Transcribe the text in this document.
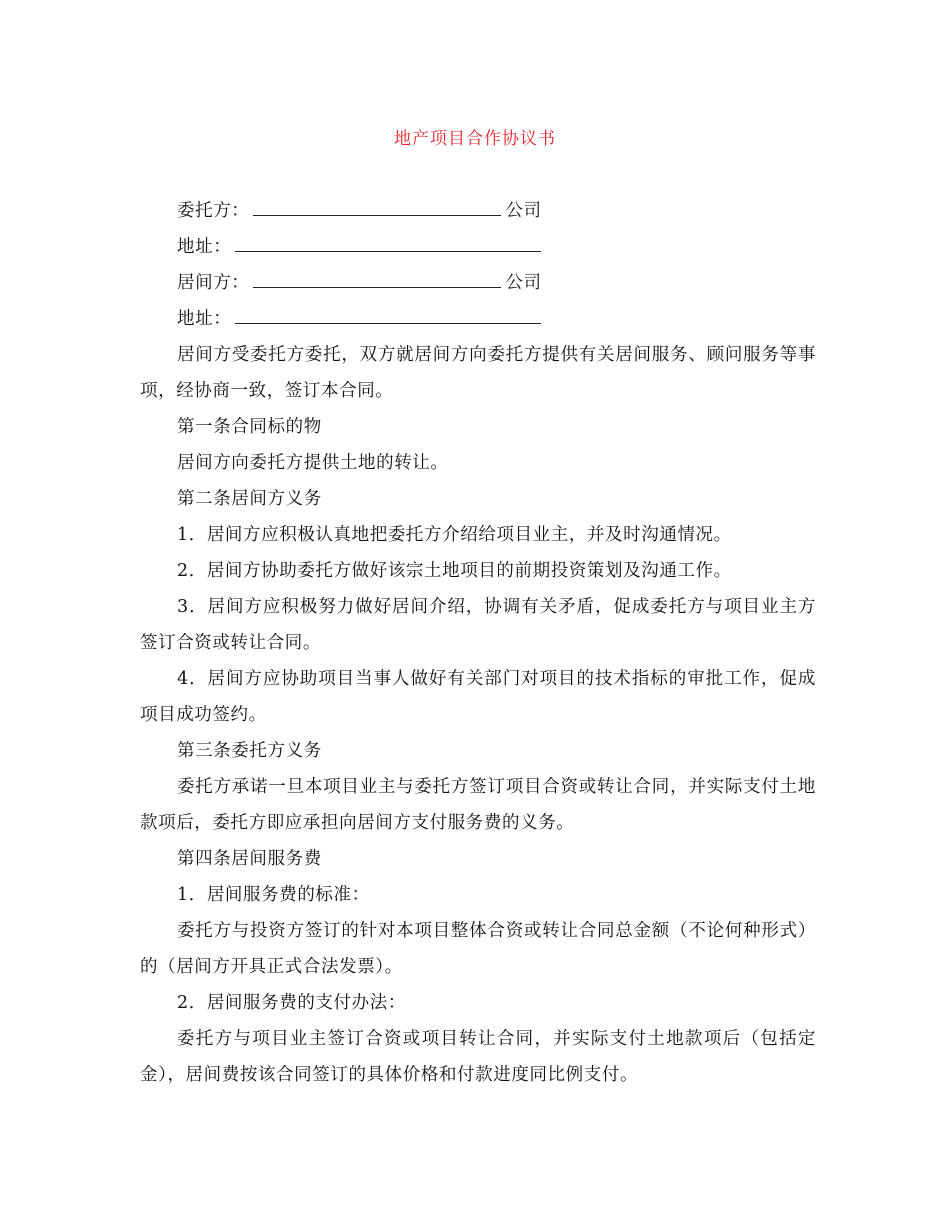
地产项目合作协议书

委托方：	公司

地址：

居间方：	公司

地址：

居间方受委托方委托，双方就居间方向委托方提供有关居间服务、顾问服务等事项，经协商一致，签订本合同。

第一条合同标的物

居间方向委托方提供土地的转让。

第二条居间方义务

1．居间方应积极认真地把委托方介绍给项目业主，并及时沟通情况。

2．居间方协助委托方做好该宗土地项目的前期投资策划及沟通工作。

3．居间方应积极努力做好居间介绍，协调有关矛盾，促成委托方与项目业主方签订合资或转让合同。

4．居间方应协助项目当事人做好有关部门对项目的技术指标的审批工作，促成项目成功签约。

第三条委托方义务

委托方承诺一旦本项目业主与委托方签订项目合资或转让合同，并实际支付土地款项后，委托方即应承担向居间方支付服务费的义务。

第四条居间服务费

1．居间服务费的标准：

委托方与投资方签订的针对本项目整体合资或转让合同总金额（不论何种形式）的（居间方开具正式合法发票）。

2．居间服务费的支付办法：

委托方与项目业主签订合资或项目转让合同，并实际支付土地款项后（包括定金），居间费按该合同签订的具体价格和付款进度同比例支付。
